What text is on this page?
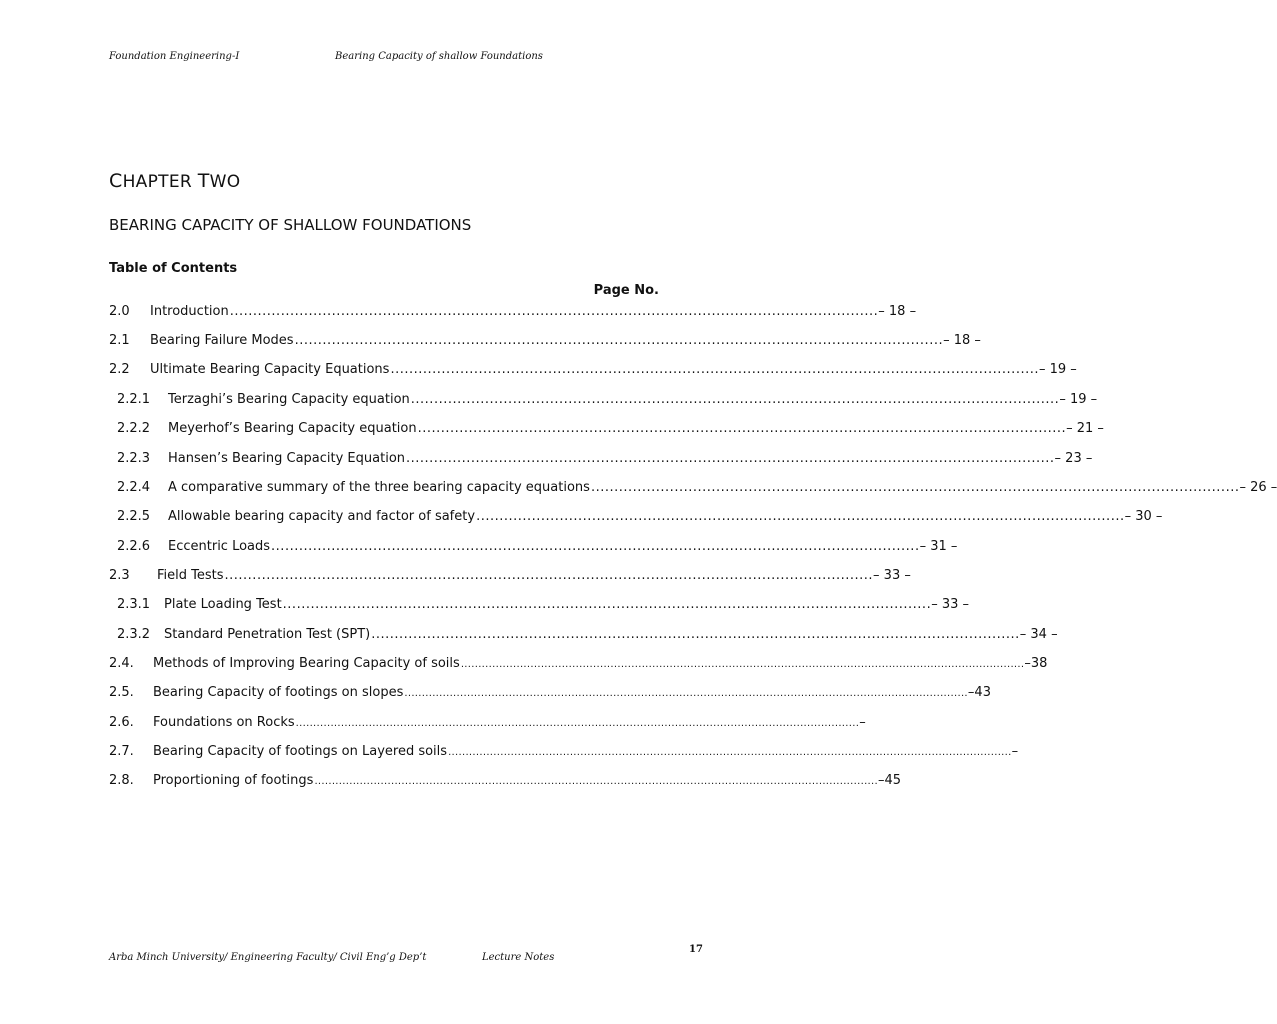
Foundation Engineering-I	Bearing Capacity of shallow Foundations
CHAPTER TWO
BEARING CAPACITY OF SHALLOW FOUNDATIONS
Table of Contents
Page No.
2.0	Introduction ............................................................................................................................................ – 18 –
2.1	Bearing Failure Modes ............................................................................................................................................ – 18 –
2.2	Ultimate Bearing Capacity Equations ............................................................................................................................................ – 19 –
2.2.1	Terzaghi’s Bearing Capacity equation ............................................................................................................................................ – 19 –
2.2.2	Meyerhof’s Bearing Capacity equation ............................................................................................................................................ – 21 –
2.2.3	Hansen’s Bearing Capacity Equation ............................................................................................................................................ – 23 –
2.2.4	A comparative summary of the three bearing capacity equations ............................................................................................................................................ – 26 –
2.2.5	Allowable bearing capacity and factor of safety ............................................................................................................................................ – 30 –
2.2.6	Eccentric Loads ............................................................................................................................................ – 31 –
2.3	Field Tests ............................................................................................................................................ – 33 –
2.3.1	Plate Loading Test ............................................................................................................................................ – 33 –
2.3.2	Standard Penetration Test (SPT) ............................................................................................................................................ – 34 –
2.4.	Methods of Improving Bearing Capacity of soils .................................................................................................................................................................. –38
2.5.	Bearing Capacity of footings on slopes .................................................................................................................................................................. –43
2.6.	Foundations on Rocks .................................................................................................................................................................. –
2.7.	Bearing Capacity of footings on Layered soils .................................................................................................................................................................. –
2.8.	Proportioning of footings .................................................................................................................................................................. –45
17
Arba Minch University/ Engineering Faculty/ Civil Eng’g Dep’t	Lecture Notes
